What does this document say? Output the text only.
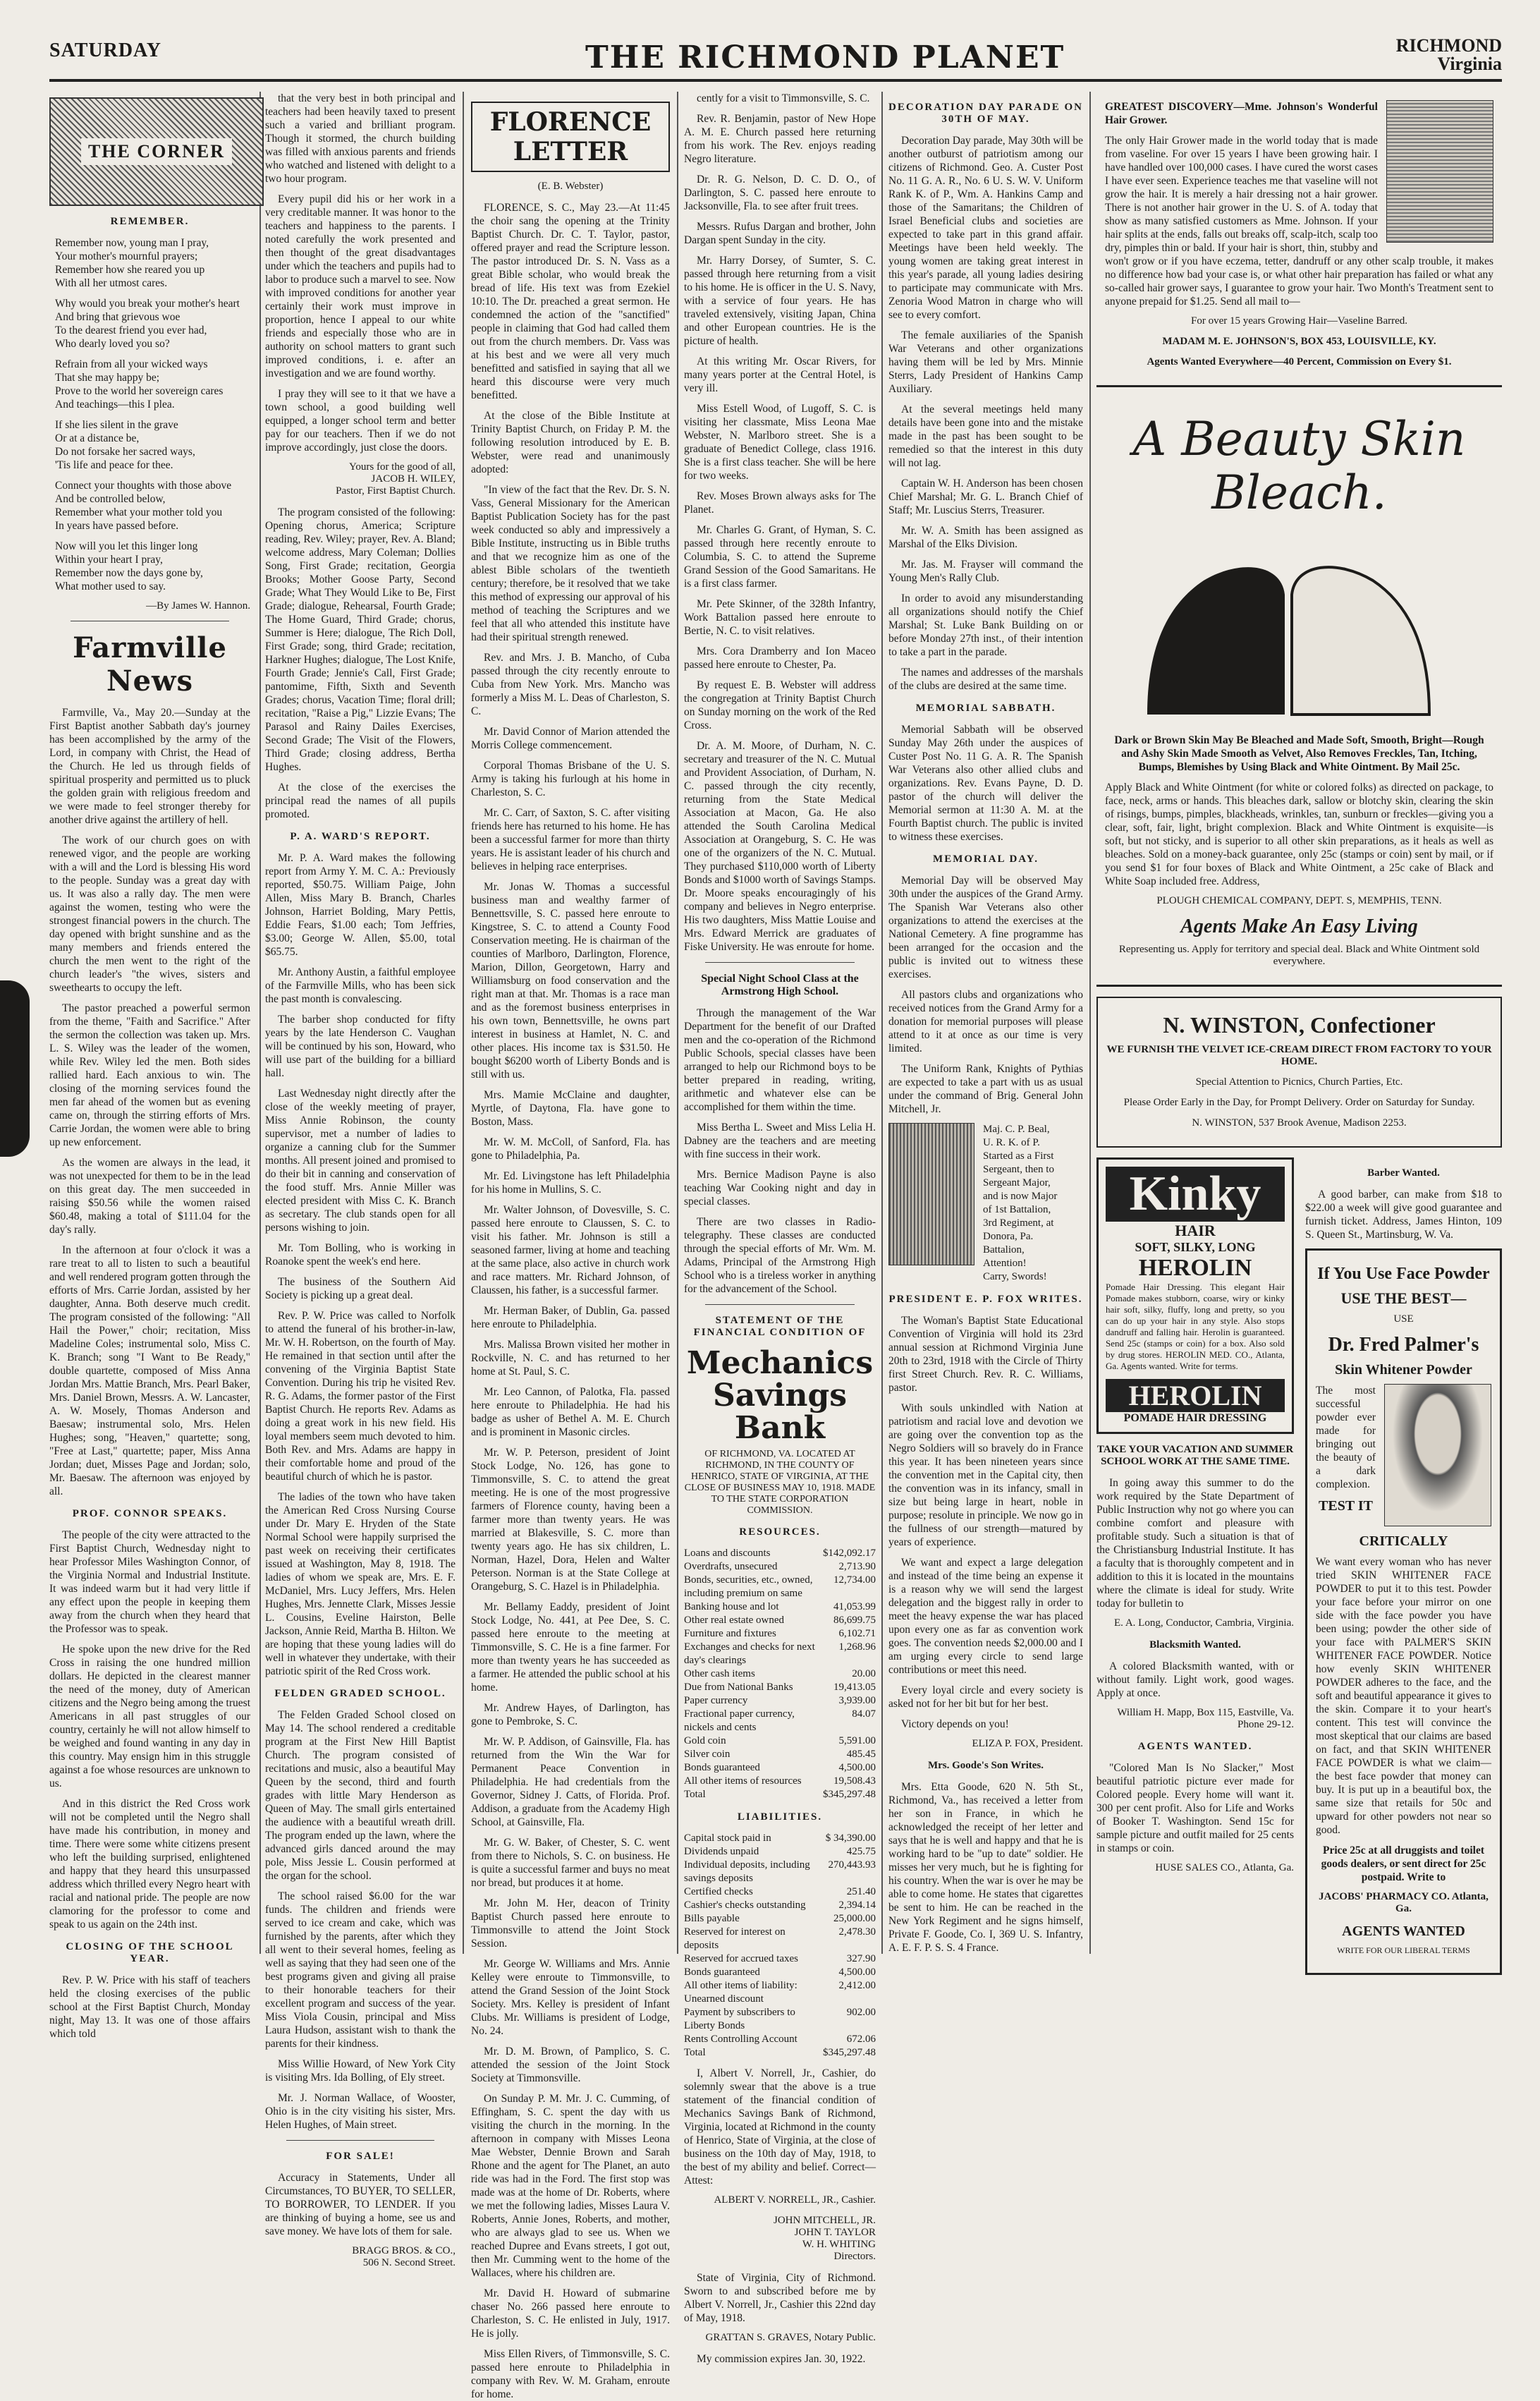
SATURDAY	THE RICHMOND PLANET	RICHMOND
Virginia
THE CORNER
REMEMBER.
Remember now, young man I pray,
Your mother's mournful prayers;
Remember how she reared you up
With all her utmost cares.
Why would you break your mother's heart
And bring that grievous woe
To the dearest friend you ever had,
Who dearly loved you so?
Refrain from all your wicked ways
That she may happy be;
Prove to the world her sovereign cares
And teachings—this I plea.
If she lies silent in the grave
Or at a distance be,
Do not forsake her sacred ways,
'Tis life and peace for thee.
Connect your thoughts with those above
And be controlled below,
Remember what your mother told you
In years have passed before.
Now will you let this linger long
Within your heart I pray,
Remember now the days gone by,
What mother used to say.
—By James W. Hannon.
Farmville News

Farmville, Va., May 20.—Sunday at the First Baptist another Sabbath day's journey has been accomplished by the army of the Lord, in company with Christ, the Head of the Church. He led us through fields of spiritual prosperity and permitted us to pluck the golden grain with religious freedom and we were made to feel stronger thereby for another drive against the artillery of hell.

The work of our church goes on with renewed vigor, and the people are working with a will and the Lord is blessing His word to the people. Sunday was a great day with us. It was also a rally day. The men were against the women, testing who were the strongest financial powers in the church. The day opened with bright sunshine and as the many members and friends entered the church the men went to the right of the church leader's "the wives, sisters and sweethearts to occupy the left.

The pastor preached a powerful sermon from the theme, "Faith and Sacrifice." After the sermon the collection was taken up. Mrs. L. S. Wiley was the leader of the women, while Rev. Wiley led the men. Both sides rallied hard. Each anxious to win. The closing of the morning services found the men far ahead of the women but as evening came on, through the stirring efforts of Mrs. Carrie Jordan, the women were able to bring up new enforcement.

As the women are always in the lead, it was not unexpected for them to be in the lead on this great day. The men succeeded in raising $50.56 while the women raised $60.48, making a total of $111.04 for the day's rally.

In the afternoon at four o'clock it was a rare treat to all to listen to such a beautiful and well rendered program gotten through the efforts of Mrs. Carrie Jordan, assisted by her daughter, Anna. Both deserve much credit. The program consisted of the following: "All Hail the Power," choir; recitation, Miss Madeline Coles; instrumental solo, Miss C. K. Branch; song "I Want to Be Ready," double quartette, composed of Miss Anna Jordan Mrs. Mattie Branch, Mrs. Pearl Baker, Mrs. Daniel Brown, Messrs. A. W. Lancaster, A. W. Mosely, Thomas Anderson and Baesaw; instrumental solo, Mrs. Helen Hughes; song, "Heaven," quartette; song, "Free at Last," quartette; paper, Miss Anna Jordan; duet, Misses Page and Jordan; solo, Mr. Baesaw. The afternoon was enjoyed by all.

PROF. CONNOR SPEAKS.

The people of the city were attracted to the First Baptist Church, Wednesday night to hear Professor Miles Washington Connor, of the Virginia Normal and Industrial Institute. It was indeed warm but it had very little if any effect upon the people in keeping them away from the church when they heard that the Professor was to speak.

He spoke upon the new drive for the Red Cross in raising the one hundred million dollars. He depicted in the clearest manner the need of the money, duty of American citizens and the Negro being among the truest Americans in all past struggles of our country, certainly he will not allow himself to be weighed and found wanting in any day in this country. May ensign him in this struggle against a foe whose resources are unknown to us.

And in this district the Red Cross work will not be completed until the Negro shall have made his contribution, in money and time. There were some white citizens present who left the building surprised, enlightened and happy that they heard this unsurpassed address which thrilled every Negro heart with racial and national pride. The people are now clamoring for the professor to come and speak to us again on the 24th inst.

CLOSING OF THE SCHOOL YEAR.

Rev. P. W. Price with his staff of teachers held the closing exercises of the public school at the First Baptist Church, Monday night, May 13. It was one of those affairs which told

that the very best in both principal and teachers had been heavily taxed to present such a varied and brilliant program. Though it stormed, the church building was filled with anxious parents and friends who watched and listened with delight to a two hour program.

Every pupil did his or her work in a very creditable manner. It was honor to the teachers and happiness to the parents. I noted carefully the work presented and then thought of the great disadvantages under which the teachers and pupils had to labor to produce such a marvel to see. Now with improved conditions for another year certainly their work must improve in proportion, hence I appeal to our white friends and especially those who are in authority on school matters to grant such improved conditions, i. e. after an investigation and we are found worthy.

I pray they will see to it that we have a town school, a good building well equipped, a longer school term and better pay for our teachers. Then if we do not improve accordingly, just close the doors.

Yours for the good of all,
JACOB H. WILEY,
Pastor, First Baptist Church.

The program consisted of the following: Opening chorus, America; Scripture reading, Rev. Wiley; prayer, Rev. A. Bland; welcome address, Mary Coleman; Dollies Song, First Grade; recitation, Georgia Brooks; Mother Goose Party, Second Grade; What They Would Like to Be, First Grade; dialogue, Rehearsal, Fourth Grade; The Home Guard, Third Grade; chorus, Summer is Here; dialogue, The Rich Doll, First Grade; song, third Grade; recitation, Harkner Hughes; dialogue, The Lost Knife, Fourth Grade; Jennie's Call, First Grade; pantomime, Fifth, Sixth and Seventh Grades; chorus, Vacation Time; floral drill; recitation, "Raise a Pig," Lizzie Evans; The Parasol and Rainy Dailes Exercises, Second Grade; The Visit of the Flowers, Third Grade; closing address, Bertha Hughes.

At the close of the exercises the principal read the names of all pupils promoted.

P. A. WARD'S REPORT.

Mr. P. A. Ward makes the following report from Army Y. M. C. A.: Previously reported, $50.75. William Paige, John Allen, Miss Mary B. Branch, Charles Johnson, Harriet Bolding, Mary Pettis, Eddie Fears, $1.00 each; Tom Jeffries, $3.00; George W. Allen, $5.00, total $65.75.

Mr. Anthony Austin, a faithful employee of the Farmville Mills, who has been sick the past month is convalescing.

The barber shop conducted for fifty years by the late Henderson C. Vaughan will be continued by his son, Howard, who will use part of the building for a billiard hall.

Last Wednesday night directly after the close of the weekly meeting of prayer, Miss Annie Robinson, the county supervisor, met a number of ladies to organize a canning club for the Summer months. All present joined and promised to do their bit in canning and conservation of the food stuff. Mrs. Annie Miller was elected president with Miss C. K. Branch as secretary. The club stands open for all persons wishing to join.

Mr. Tom Bolling, who is working in Roanoke spent the week's end here.

The business of the Southern Aid Society is picking up a great deal.

Rev. P. W. Price was called to Norfolk to attend the funeral of his brother-in-law, Mr. W. H. Robertson, on the fourth of May. He remained in that section until after the convening of the Virginia Baptist State Convention. During his trip he visited Rev. R. G. Adams, the former pastor of the First Baptist Church. He reports Rev. Adams as doing a great work in his new field. His loyal members seem much devoted to him. Both Rev. and Mrs. Adams are happy in their comfortable home and proud of the beautiful church of which he is pastor.

The ladies of the town who have taken the American Red Cross Nursing Course under Dr. Mary E. Hryden of the State Normal School were happily surprised the past week on receiving their certificates issued at Washington, May 8, 1918. The ladies of whom we speak are, Mrs. E. F. McDaniel, Mrs. Lucy Jeffers, Mrs. Helen Hughes, Mrs. Jennette Clark, Misses Jessie L. Cousins, Eveline Hairston, Belle Jackson, Annie Reid, Martha B. Hilton. We are hoping that these young ladies will do well in whatever they undertake, with their patriotic spirit of the Red Cross work.

FELDEN GRADED SCHOOL.

The Felden Graded School closed on May 14. The school rendered a creditable program at the First New Hill Baptist Church. The program consisted of recitations and music, also a beautiful May Queen by the second, third and fourth grades with little Mary Henderson as Queen of May. The small girls entertained the audience with a beautiful wreath drill. The program ended up the lawn, where the advanced girls danced around the may pole, Miss Jessie L. Cousin performed at the organ for the school.

The school raised $6.00 for the war funds. The children and friends were served to ice cream and cake, which was furnished by the parents, after which they all went to their several homes, feeling as well as saying that they had seen one of the best programs given and giving all praise to their honorable teachers for their excellent program and success of the year. Miss Viola Cousin, principal and Miss Laura Hudson, assistant wish to thank the parents for their kindness.

Miss Willie Howard, of New York City is visiting Mrs. Ida Bolling, of Ely street.

Mr. J. Norman Wallace, of Wooster, Ohio is in the city visiting his sister, Mrs. Helen Hughes, of Main street.

FOR SALE!

Accuracy in Statements, Under all Circumstances, TO BUYER, TO SELLER, TO BORROWER, TO LENDER. If you are thinking of buying a home, see us and save money. We have lots of them for sale.

BRAGG BROS. & CO.,
506 N. Second Street.
FLORENCE LETTER
(E. B. Webster)

FLORENCE, S. C., May 23.—At 11:45 the choir sang the opening at the Trinity Baptist Church. Dr. C. T. Taylor, pastor, offered prayer and read the Scripture lesson. The pastor introduced Dr. S. N. Vass as a great Bible scholar, who would break the bread of life. His text was from Ezekiel 10:10. The Dr. preached a great sermon. He condemned the action of the "sanctified" people in claiming that God had called them out from the church members. Dr. Vass was at his best and we were all very much benefitted and satisfied in saying that all we heard this discourse were very much benefitted.

At the close of the Bible Institute at Trinity Baptist Church, on Friday P. M. the following resolution introduced by E. B. Webster, were read and unanimously adopted:

"In view of the fact that the Rev. Dr. S. N. Vass, General Missionary for the American Baptist Publication Society has for the past week conducted so ably and impressively a Bible Institute, instructing us in Bible truths and that we recognize him as one of the ablest Bible scholars of the twentieth century; therefore, be it resolved that we take this method of expressing our approval of his method of teaching the Scriptures and we feel that all who attended this institute have had their spiritual strength renewed.

Rev. and Mrs. J. B. Mancho, of Cuba passed through the city recently enroute to Cuba from New York. Mrs. Mancho was formerly a Miss M. L. Deas of Charleston, S. C.

Mr. David Connor of Marion attended the Morris College commencement.

Corporal Thomas Brisbane of the U. S. Army is taking his furlough at his home in Charleston, S. C.

Mr. C. Carr, of Saxton, S. C. after visiting friends here has returned to his home. He has been a successful farmer for more than thirty years. He is assistant leader of his church and believes in helping race enterprises.

Mr. Jonas W. Thomas a successful business man and wealthy farmer of Bennettsville, S. C. passed here enroute to Kingstree, S. C. to attend a County Food Conservation meeting. He is chairman of the counties of Marlboro, Darlington, Florence, Marion, Dillon, Georgetown, Harry and Williamsburg on food conservation and the right man at that. Mr. Thomas is a race man and as the foremost business enterprises in his own town, Bennettsville, he owns part interest in business at Hamlet, N. C. and other places. His income tax is $31.50. He bought $6200 worth of Liberty Bonds and is still with us.

Mrs. Mamie McClaine and daughter, Myrtle, of Daytona, Fla. have gone to Boston, Mass.

Mr. W. M. McColl, of Sanford, Fla. has gone to Philadelphia, Pa.

Mr. Ed. Livingstone has left Philadelphia for his home in Mullins, S. C.

Mr. Walter Johnson, of Dovesville, S. C. passed here enroute to Claussen, S. C. to visit his father. Mr. Johnson is still a seasoned farmer, living at home and teaching at the same place, also active in church work and race matters. Mr. Richard Johnson, of Claussen, his father, is a successful farmer.

Mr. Herman Baker, of Dublin, Ga. passed here enroute to Philadelphia.

Mrs. Malissa Brown visited her mother in Rockville, N. C. and has returned to her home at St. Paul, S. C.

Mr. Leo Cannon, of Palotka, Fla. passed here enroute to Philadelphia. He had his badge as usher of Bethel A. M. E. Church and is prominent in Masonic circles.

Mr. W. P. Peterson, president of Joint Stock Lodge, No. 126, has gone to Timmonsville, S. C. to attend the great meeting. He is one of the most progressive farmers of Florence county, having been a farmer more than twenty years. He was married at Blakesville, S. C. more than twenty years ago. He has six children, L. Norman, Hazel, Dora, Helen and Walter Peterson. Norman is at the State College at Orangeburg, S. C. Hazel is in Philadelphia.

Mr. Bellamy Eaddy, president of Joint Stock Lodge, No. 441, at Pee Dee, S. C. passed here enroute to the meeting at Timmonsville, S. C. He is a fine farmer. For more than twenty years he has succeeded as a farmer. He attended the public school at his home.

Mr. Andrew Hayes, of Darlington, has gone to Pembroke, S. C.

Mr. W. P. Addison, of Gainsville, Fla. has returned from the Win the War for Permanent Peace Convention in Philadelphia. He had credentials from the Governor, Sidney J. Catts, of Florida. Prof. Addison, a graduate from the Academy High School, at Gainsville, Fla.

Mr. G. W. Baker, of Chester, S. C. went from there to Nichols, S. C. on business. He is quite a successful farmer and buys no meat nor bread, but produces it at home.

Mr. John M. Her, deacon of Trinity Baptist Church passed here enroute to Timmonsville to attend the Joint Stock Session.

Mr. George W. Williams and Mrs. Annie Kelley were enroute to Timmonsville, to attend the Grand Session of the Joint Stock Society. Mrs. Kelley is president of Infant Clubs. Mr. Williams is president of Lodge, No. 24.

Mr. D. M. Brown, of Pamplico, S. C. attended the session of the Joint Stock Society at Timmonsville.

On Sunday P. M. Mr. J. C. Cumming, of Effingham, S. C. spent the day with us visiting the church in the morning. In the afternoon in company with Misses Leona Mae Webster, Dennie Brown and Sarah Rhone and the agent for The Planet, an auto ride was had in the Ford. The first stop was made was at the home of Dr. Roberts, where we met the following ladies, Misses Laura V. Roberts, Annie Jones, Roberts, and mother, who are always glad to see us. When we reached Dupree and Evans streets, I got out, then Mr. Cumming went to the home of the Wallaces, where his children are.

Mr. David H. Howard of submarine chaser No. 266 passed here enroute to Charleston, S. C. He enlisted in July, 1917. He is jolly.

Miss Ellen Rivers, of Timmonsville, S. C. passed here enroute to Philadelphia in company with Rev. W. M. Graham, enroute for home.

cently for a visit to Timmonsville, S. C.

Rev. R. Benjamin, pastor of New Hope A. M. E. Church passed here returning from his work. The Rev. enjoys reading Negro literature.

Dr. R. G. Nelson, D. C. D. O., of Darlington, S. C. passed here enroute to Jacksonville, Fla. to see after fruit trees.

Messrs. Rufus Dargan and brother, John Dargan spent Sunday in the city.

Mr. Harry Dorsey, of Sumter, S. C. passed through here returning from a visit to his home. He is officer in the U. S. Navy, with a service of four years. He has traveled extensively, visiting Japan, China and other European countries. He is the picture of health.

At this writing Mr. Oscar Rivers, for many years porter at the Central Hotel, is very ill.

Miss Estell Wood, of Lugoff, S. C. is visiting her classmate, Miss Leona Mae Webster, N. Marlboro street. She is a graduate of Benedict College, class 1916. She is a first class teacher. She will be here for two weeks.

Rev. Moses Brown always asks for The Planet.

Mr. Charles G. Grant, of Hyman, S. C. passed through here recently enroute to Columbia, S. C. to attend the Supreme Grand Session of the Good Samaritans. He is a first class farmer.

Mr. Pete Skinner, of the 328th Infantry, Work Battalion passed here enroute to Bertie, N. C. to visit relatives.

Mrs. Cora Dramberry and Ion Maceo passed here enroute to Chester, Pa.

By request E. B. Webster will address the congregation at Trinity Baptist Church on Sunday morning on the work of the Red Cross.

Dr. A. M. Moore, of Durham, N. C. secretary and treasurer of the N. C. Mutual and Provident Association, of Durham, N. C. passed through the city recently, returning from the State Medical Association at Macon, Ga. He also attended the South Carolina Medical Association at Orangeburg, S. C. He was one of the organizers of the N. C. Mutual. They purchased $110,000 worth of Liberty Bonds and $1000 worth of Savings Stamps. Dr. Moore speaks encouragingly of his company and believes in Negro enterprise. His two daughters, Miss Mattie Louise and Mrs. Edward Merrick are graduates of Fiske University. He was enroute for home.

Special Night School Class at the Armstrong High School.

Through the management of the War Department for the benefit of our Drafted men and the co-operation of the Richmond Public Schools, special classes have been arranged to help our Richmond boys to be better prepared in reading, writing, arithmetic and whatever else can be accomplished for them within the time.

Miss Bertha L. Sweet and Miss Lelia H. Dabney are the teachers and are meeting with fine success in their work.

Mrs. Bernice Madison Payne is also teaching War Cooking night and day in special classes.

There are two classes in Radio-telegraphy. These classes are conducted through the special efforts of Mr. Wm. M. Adams, Principal of the Armstrong High School who is a tireless worker in anything for the advancement of the School.

STATEMENT OF THE FINANCIAL CONDITION OF
Mechanics Savings Bank
OF RICHMOND, VA. LOCATED AT RICHMOND, IN THE COUNTY OF HENRICO, STATE OF VIRGINIA, AT THE CLOSE OF BUSINESS MAY 10, 1918. MADE TO THE STATE CORPORATION COMMISSION.
RESOURCES.
Loans and discounts	$142,092.17
Overdrafts, unsecured	2,713.90
Bonds, securities, etc., owned, including premium on same
12,734.00
Banking house and lot	41,053.99
Other real estate owned	86,699.75
Furniture and fixtures	6,102.71
Exchanges and checks for next day's clearings
1,268.96
Other cash items	20.00
Due from National Banks	19,413.05
Paper currency	3,939.00
Fractional paper currency, nickels and cents
84.07
Gold coin	5,591.00
Silver coin	485.45
Bonds guaranteed	4,500.00
All other items of resources	19,508.43
Total	$345,297.48
LIABILITIES.
Capital stock paid in	$ 34,390.00
Dividends unpaid	425.75
Individual deposits, including savings deposits
270,443.93
Certified checks	251.40
Cashier's checks outstanding	2,394.14
Bills payable	25,000.00
Reserved for interest on deposits
2,478.30
Reserved for accrued taxes	327.90
Bonds guaranteed	4,500.00
All other items of liability: Unearned discount
2,412.00
Payment by subscribers to Liberty Bonds
902.00
Rents Controlling Account	672.06
Total	$345,297.48

I, Albert V. Norrell, Jr., Cashier, do solemnly swear that the above is a true statement of the financial condition of Mechanics Savings Bank of Richmond, Virginia, located at Richmond in the county of Henrico, State of Virginia, at the close of business on the 10th day of May, 1918, to the best of my ability and belief. Correct—Attest:

ALBERT V. NORRELL, JR., Cashier.
JOHN MITCHELL, JR.
JOHN T. TAYLOR
W. H. WHITING
Directors.

State of Virginia, City of Richmond. Sworn to and subscribed before me by Albert V. Norrell, Jr., Cashier this 22nd day of May, 1918.

GRATTAN S. GRAVES, Notary Public.

My commission expires Jan. 30, 1922.

DECORATION DAY PARADE ON 30TH OF MAY.

Decoration Day parade, May 30th will be another outburst of patriotism among our citizens of Richmond. Geo. A. Custer Post No. 11 G. A. R., No. 6 U. S. W. V. Uniform Rank K. of P., Wm. A. Hankins Camp and those of the Samaritans; the Children of Israel Beneficial clubs and societies are expected to take part in this grand affair. Meetings have been held weekly. The young women are taking great interest in this year's parade, all young ladies desiring to participate may communicate with Mrs. Zenoria Wood Matron in charge who will see to every comfort.

The female auxiliaries of the Spanish War Veterans and other organizations having them will be led by Mrs. Minnie Sterrs, Lady President of Hankins Camp Auxiliary.

At the several meetings held many details have been gone into and the mistake made in the past has been sought to be remedied so that the interest in this duty will not lag.

Captain W. H. Anderson has been chosen Chief Marshal; Mr. G. L. Branch Chief of Staff; Mr. Luscius Sterrs, Treasurer.

Mr. W. A. Smith has been assigned as Marshal of the Elks Division.

Mr. Jas. M. Frayser will command the Young Men's Rally Club.

In order to avoid any misunderstanding all organizations should notify the Chief Marshal; St. Luke Bank Building on or before Monday 27th inst., of their intention to take a part in the parade.

The names and addresses of the marshals of the clubs are desired at the same time.

MEMORIAL SABBATH.

Memorial Sabbath will be observed Sunday May 26th under the auspices of Custer Post No. 11 G. A. R. The Spanish War Veterans also other allied clubs and organizations. Rev. Evans Payne, D. D. pastor of the church will deliver the Memorial sermon at 11:30 A. M. at the Fourth Baptist church. The public is invited to witness these exercises.

MEMORIAL DAY.

Memorial Day will be observed May 30th under the auspices of the Grand Army. The Spanish War Veterans also other organizations to attend the exercises at the National Cemetery. A fine programme has been arranged for the occasion and the public is invited out to witness these exercises.

All pastors clubs and organizations who received notices from the Grand Army for a donation for memorial purposes will please attend to it at once as our time is very limited.

The Uniform Rank, Knights of Pythias are expected to take a part with us as usual under the command of Brig. General John Mitchell, Jr.

Maj. C. P. Beal,
U. R. K. of P.
Started as a First
Sergeant, then to
Sergeant Major,
and is now Major
of 1st Battalion,
3rd Regiment, at
Donora, Pa.
Battalion,
Attention!
Carry, Swords!
PRESIDENT E. P. FOX WRITES.

The Woman's Baptist State Educational Convention of Virginia will hold its 23rd annual session at Richmond Virginia June 20th to 23rd, 1918 with the Circle of Thirty first Street Church. Rev. R. C. Williams, pastor.

With souls unkindled with Nation at patriotism and racial love and devotion we are going over the convention top as the Negro Soldiers will so bravely do in France this year. It has been nineteen years since the convention met in the Capital city, then the convention was in its infancy, small in size but being large in heart, noble in purpose; resolute in principle. We now go in the fullness of our strength—matured by years of experience.

We want and expect a large delegation and instead of the time being an expense it is a reason why we will send the largest delegation and the biggest rally in order to meet the heavy expense the war has placed upon every one as far as convention work goes. The convention needs $2,000.00 and I am urging every circle to send large contributions or meet this need.

Every loyal circle and every society is asked not for her bit but for her best.

Victory depends on you!

ELIZA P. FOX, President.
Mrs. Goode's Son Writes.

Mrs. Etta Goode, 620 N. 5th St., Richmond, Va., has received a letter from her son in France, in which he acknowledged the receipt of her letter and says that he is well and happy and that he is working hard to be "up to date" soldier. He misses her very much, but he is fighting for his country. When the war is over he may be able to come home. He states that cigarettes be sent to him. He can be reached in the New York Regiment and he signs himself, Private F. Goode, Co. I, 369 U. S. Infantry, A. E. F. P. S. S. 4 France.

GREATEST DISCOVERY—Mme. Johnson's Wonderful Hair Grower.

The only Hair Grower made in the world today that is made from vaseline. For over 15 years I have been growing hair. I have handled over 100,000 cases. I have cured the worst cases I have ever seen. Experience teaches me that vaseline will not grow the hair. It is merely a hair dressing not a hair grower. There is not another hair grower in the U. S. of A. today that show as many satisfied customers as Mme. Johnson. If your hair splits at the ends, falls out breaks off, scalp-itch, scalp too dry, pimples thin or bald. If your hair is short, thin, stubby and won't grow or if you have eczema, tetter, dandruff or any other scalp trouble, it makes no difference how bad your case is, or what other hair preparation has failed or what any so-called hair grower says, I guarantee to grow your hair. Two Month's Treatment sent to anyone prepaid for $1.25. Send all mail to—

For over 15 years Growing Hair—Vaseline Barred.
MADAM M. E. JOHNSON'S, BOX 453, LOUISVILLE, KY.
Agents Wanted Everywhere—40 Percent, Commission on Every $1.
A Beauty Skin Bleach.

Dark or Brown Skin May Be Bleached and Made Soft, Smooth, Bright—Rough and Ashy Skin Made Smooth as Velvet, Also Removes Freckles, Tan, Itching, Bumps, Blemishes by Using Black and White Ointment. By Mail 25c.

Apply Black and White Ointment (for white or colored folks) as directed on package, to face, neck, arms or hands. This bleaches dark, sallow or blotchy skin, clearing the skin of risings, bumps, pimples, blackheads, wrinkles, tan, sunburn or freckles—giving you a clear, soft, fair, light, bright complexion. Black and White Ointment is exquisite—is soft, but not sticky, and is superior to all other skin preparations, as it heals as well as bleaches. Sold on a money-back guarantee, only 25c (stamps or coin) sent by mail, or if you send $1 for four boxes of Black and White Ointment, a 25c cake of Black and White Soap included free. Address,

PLOUGH CHEMICAL COMPANY, DEPT. S, MEMPHIS, TENN.
Agents Make An Easy Living
Representing us. Apply for territory and special deal. Black and White Ointment sold everywhere.
N. WINSTON, Confectioner
WE FURNISH THE VELVET ICE-CREAM DIRECT FROM FACTORY TO YOUR HOME.
Special Attention to Picnics, Church Parties, Etc.
Please Order Early in the Day, for Prompt Delivery. Order on Saturday for Sunday.
N. WINSTON, 537 Brook Avenue, Madison 2253.
Kinky
HAIR
SOFT, SILKY, LONG
HEROLIN

Pomade Hair Dressing. This elegant Hair Pomade makes stubborn, coarse, wiry or kinky hair soft, silky, fluffy, long and pretty, so you can do up your hair in any style. Also stops dandruff and falling hair. Herolin is guaranteed. Send 25c (stamps or coin) for a box. Also sold by drug stores. HEROLIN MED. CO., Atlanta, Ga. Agents wanted. Write for terms.

HEROLIN
POMADE HAIR DRESSING
TAKE YOUR VACATION AND SUMMER SCHOOL WORK AT THE SAME TIME.

In going away this summer to do the work required by the State Department of Public Instruction why not go where you can combine comfort and pleasure with profitable study. Such a situation is that of the Christiansburg Industrial Institute. It has a faculty that is thoroughly competent and in addition to this it is located in the mountains where the climate is ideal for study. Write today for bulletin to

E. A. Long, Conductor, Cambria, Virginia.
Blacksmith Wanted.

A colored Blacksmith wanted, with or without family. Light work, good wages. Apply at once.

William H. Mapp, Box 115, Eastville, Va. Phone 29-12.
AGENTS WANTED.

"Colored Man Is No Slacker," Most beautiful patriotic picture ever made for Colored people. Every home will want it. 300 per cent profit. Also for Life and Works of Booker T. Washington. Send 15c for sample picture and outfit mailed for 25 cents in stamps or coin.

HUSE SALES CO., Atlanta, Ga.
Barber Wanted.

A good barber, can make from $18 to $22.00 a week will give good guarantee and furnish ticket. Address, James Hinton, 109 S. Queen St., Martinsburg, W. Va.

If You Use Face Powder
USE THE BEST—
USE
Dr. Fred Palmer's
Skin Whitener Powder

The most successful powder ever made for bringing out the beauty of a dark complexion.

TEST IT CRITICALLY

We want every woman who has never tried SKIN WHITENER FACE POWDER to put it to this test. Powder your face before your mirror on one side with the face powder you have been using; powder the other side of your face with PALMER'S SKIN WHITENER FACE POWDER. Notice how evenly SKIN WHITENER POWDER adheres to the face, and the soft and beautiful appearance it gives to the skin. Compare it to your heart's content. This test will convince the most skeptical that our claims are based on fact, and that SKIN WHITENER FACE POWDER is what we claim—the best face powder that money can buy. It is put up in a beautiful box, the same size that retails for 50c and upward for other powders not near so good.

Price 25c at all druggists and toilet goods dealers, or sent direct for 25c postpaid. Write to

JACOBS' PHARMACY CO. Atlanta, Ga.
AGENTS WANTED
WRITE FOR OUR LIBERAL TERMS
